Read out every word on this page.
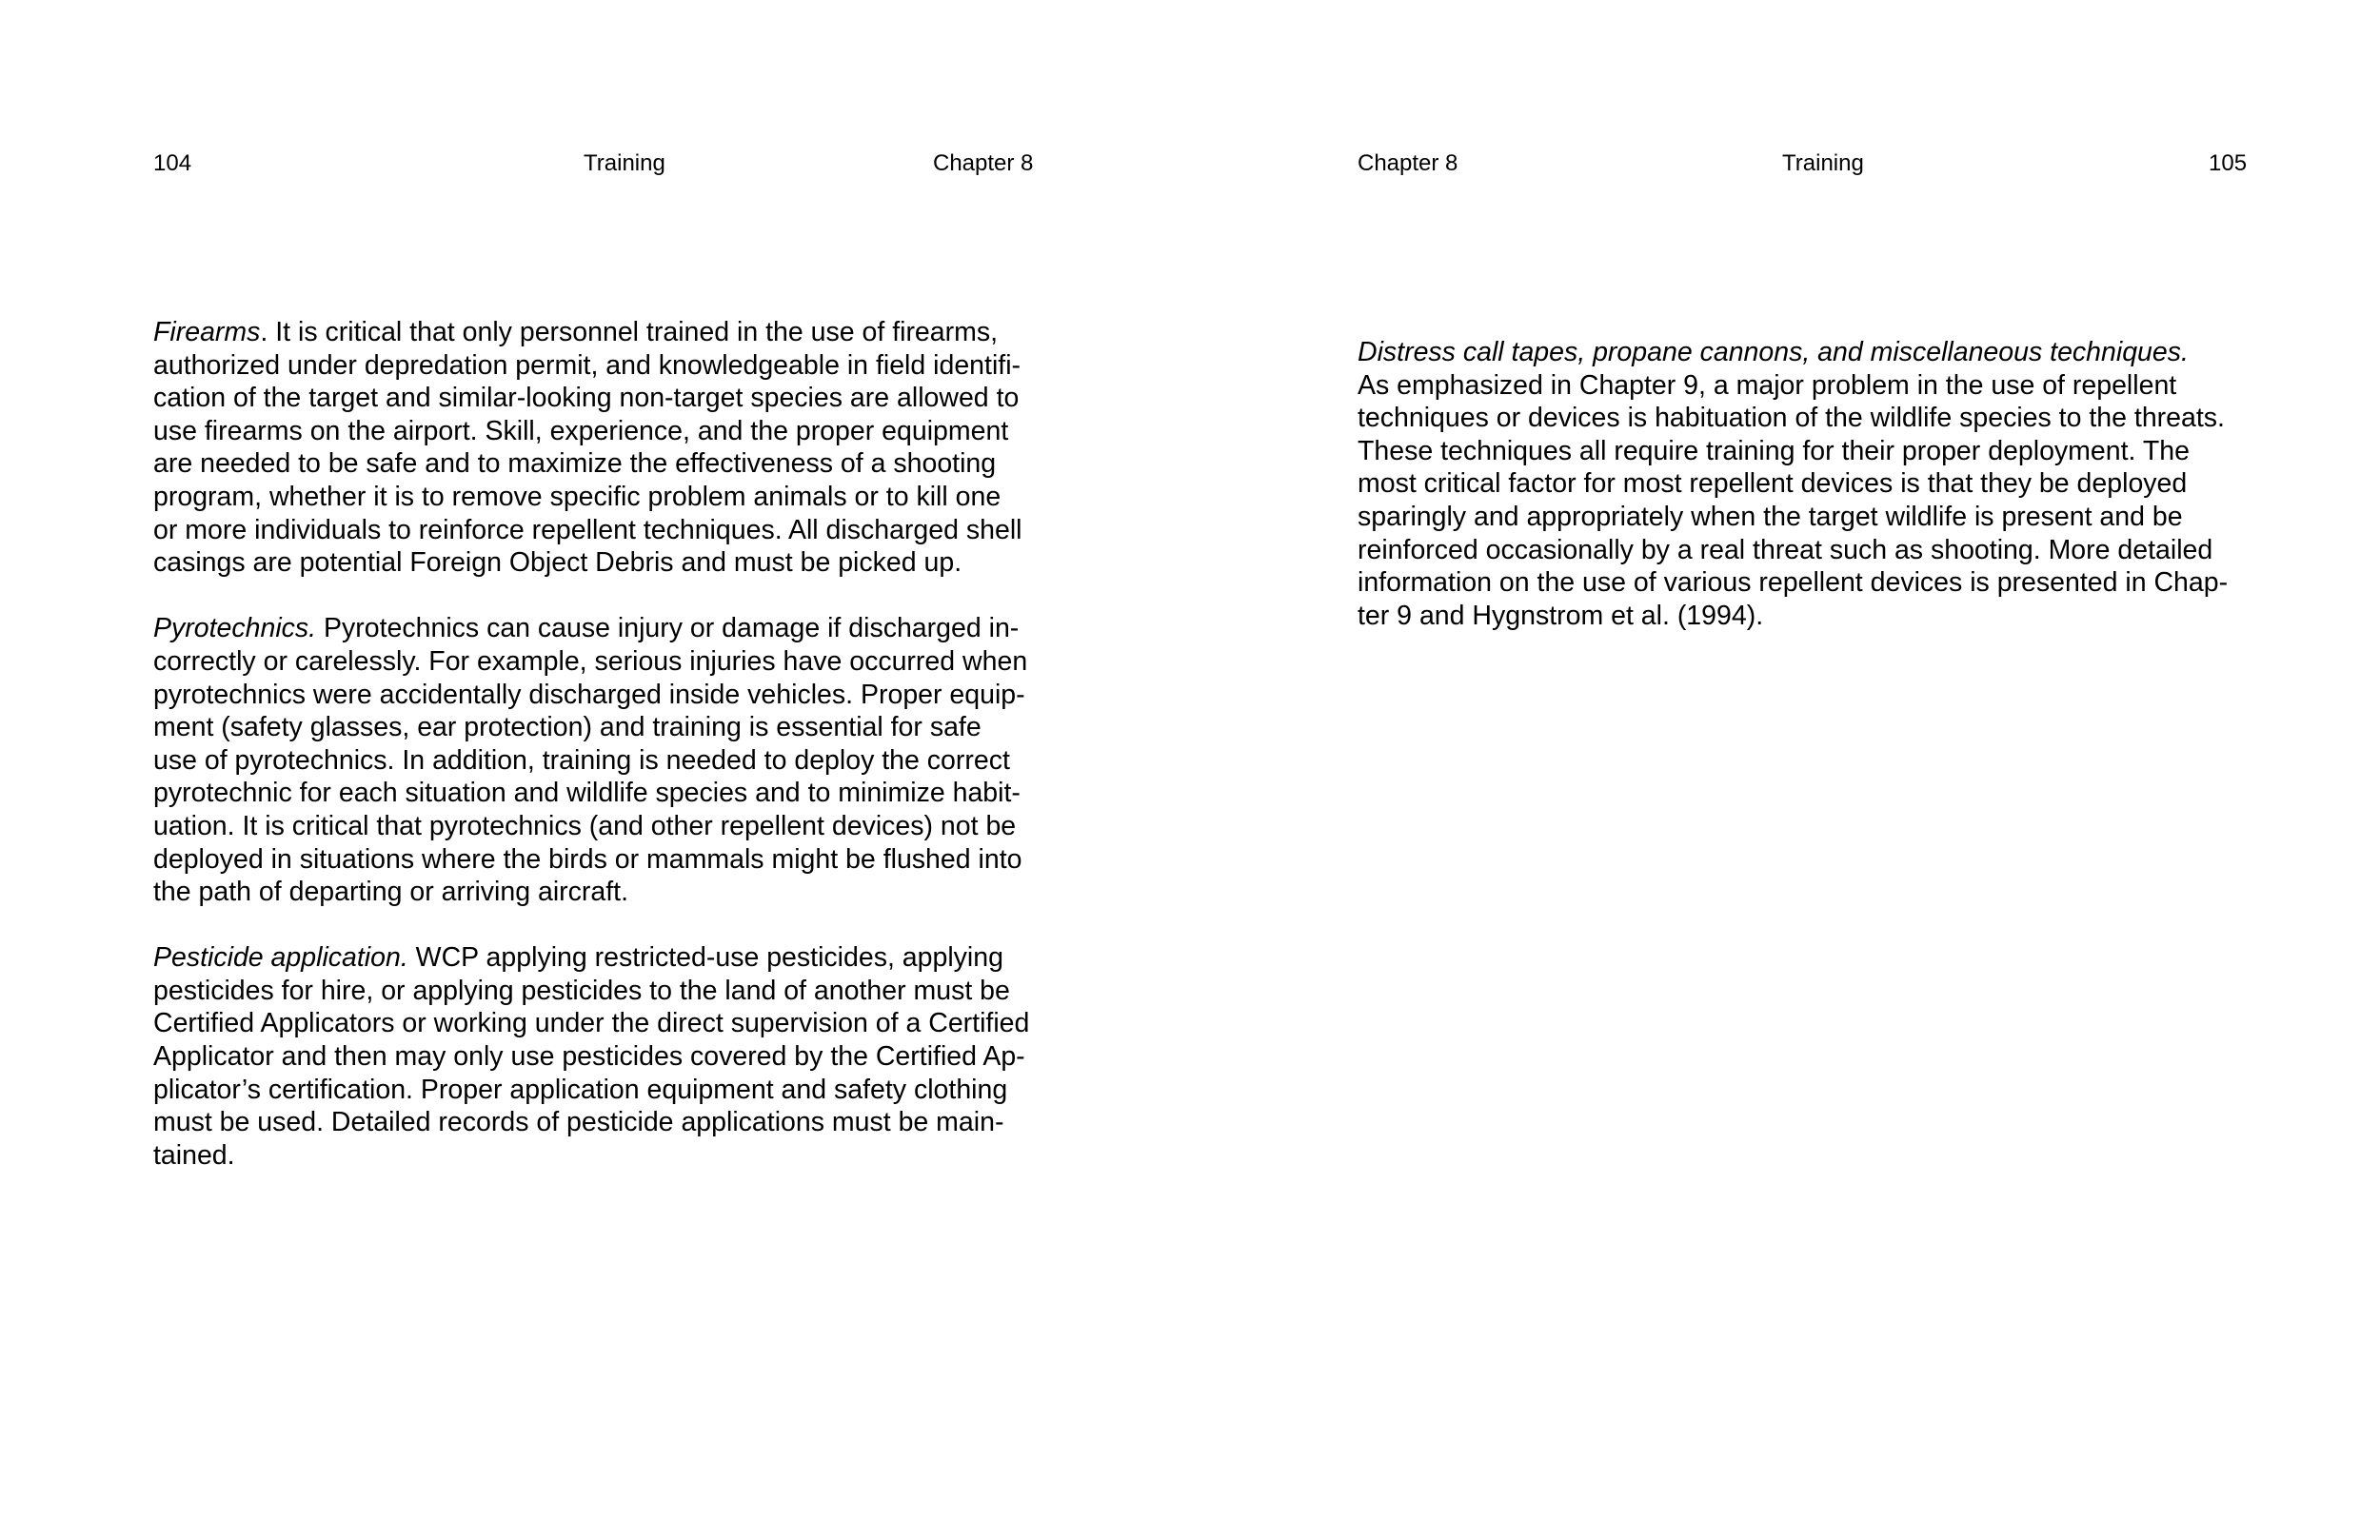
104	Training	Chapter 8

Firearms. It is critical that only personnel trained in the use of firearms,
authorized under depredation permit, and knowledgeable in field identifi-
cation of the target and similar-looking non-target species are allowed to
use firearms on the airport. Skill, experience, and the proper equipment
are needed to be safe and to maximize the effectiveness of a shooting
program, whether it is to remove specific problem animals or to kill one
or more individuals to reinforce repellent techniques. All discharged shell
casings are potential Foreign Object Debris and must be picked up.

Pyrotechnics. Pyrotechnics can cause injury or damage if discharged in-
correctly or carelessly. For example, serious injuries have occurred when
pyrotechnics were accidentally discharged inside vehicles. Proper equip-
ment (safety glasses, ear protection) and training is essential for safe
use of pyrotechnics. In addition, training is needed to deploy the correct
pyrotechnic for each situation and wildlife species and to minimize habit-
uation. It is critical that pyrotechnics (and other repellent devices) not be
deployed in situations where the birds or mammals might be flushed into
the path of departing or arriving aircraft.

Pesticide application. WCP applying restricted-use pesticides, applying
pesticides for hire, or applying pesticides to the land of another must be
Certified Applicators or working under the direct supervision of a Certified
Applicator and then may only use pesticides covered by the Certified Ap-
plicator’s certification. Proper application equipment and safety clothing
must be used. Detailed records of pesticide applications must be main-
tained.

Chapter 8	Training	105

Distress call tapes, propane cannons, and miscellaneous techniques.
As emphasized in Chapter 9, a major problem in the use of repellent
techniques or devices is habituation of the wildlife species to the threats.
These techniques all require training for their proper deployment. The
most critical factor for most repellent devices is that they be deployed
sparingly and appropriately when the target wildlife is present and be
reinforced occasionally by a real threat such as shooting. More detailed
information on the use of various repellent devices is presented in Chap-
ter 9 and Hygnstrom et al. (1994).
